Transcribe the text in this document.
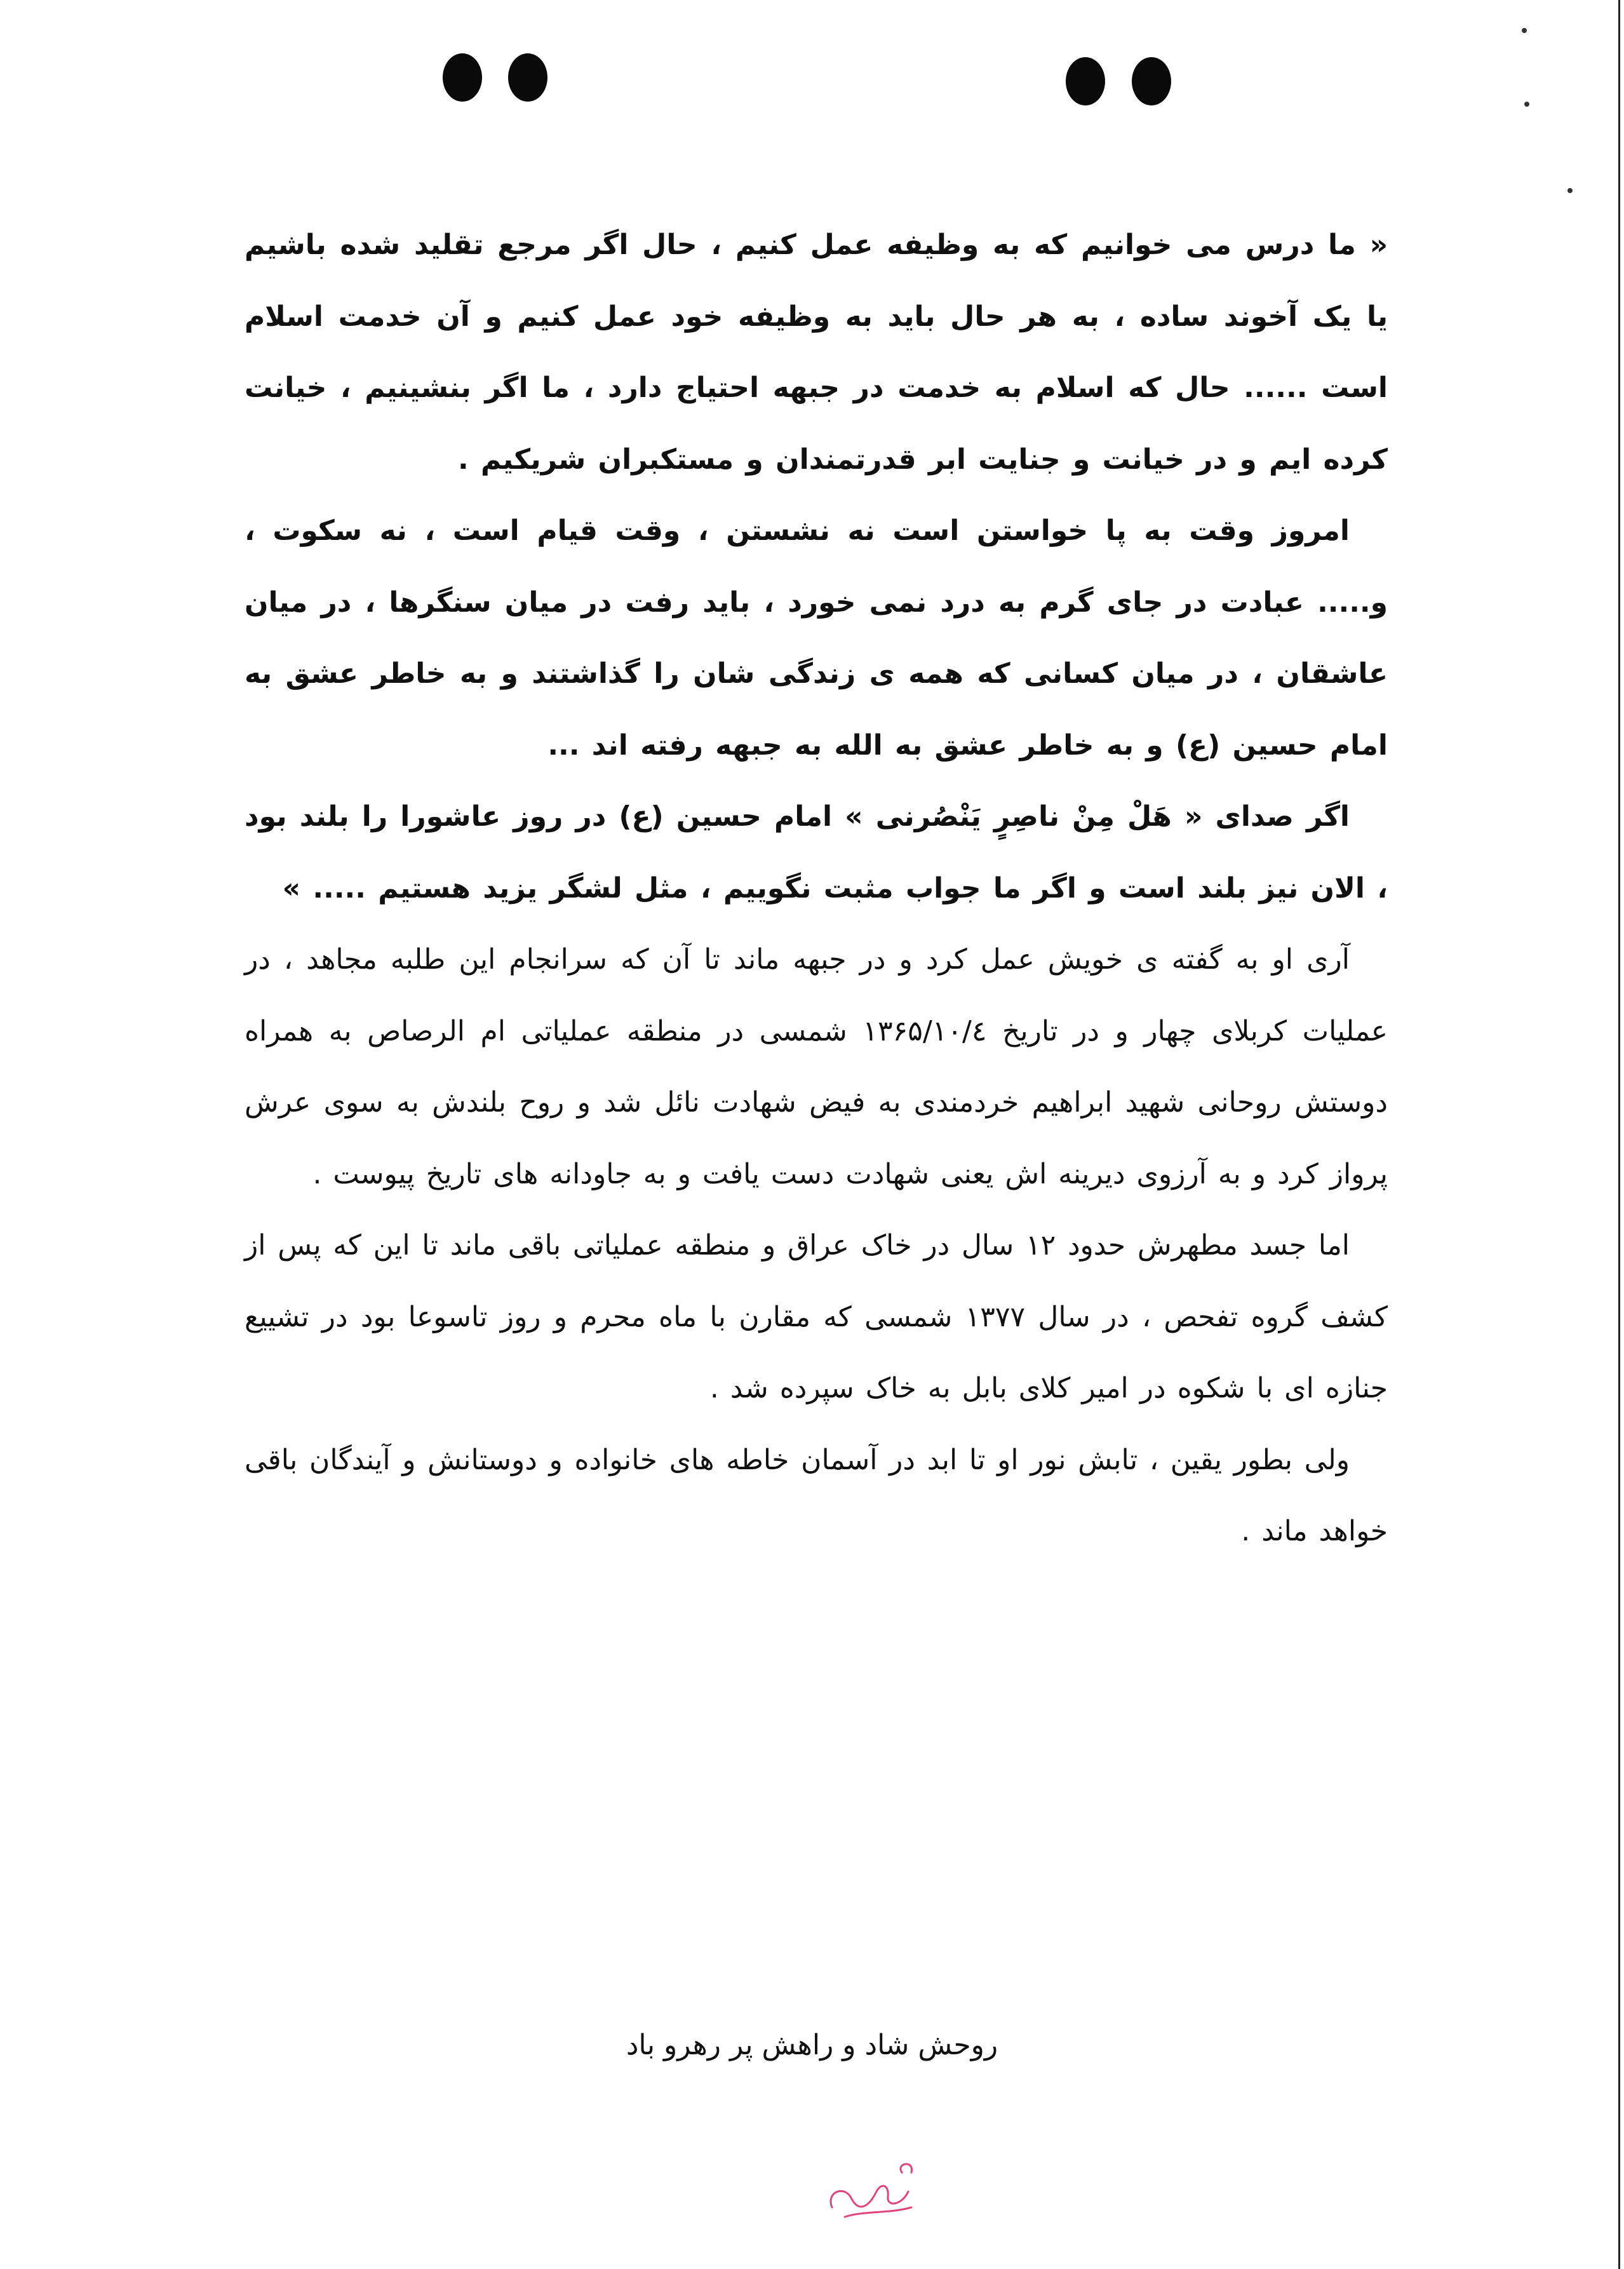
« ما درس می خوانیم که به وظیفه عمل کنیم ، حال اگر مرجع تقلید شده باشیم یا یک آخوند ساده ، به هر حال باید به وظیفه خود عمل کنیم و آن خدمت اسلام است ...... حال که اسلام به خدمت در جبهه احتیاج دارد ، ما اگر بنشینیم ، خیانت کرده ایم و در خیانت و جنایت ابر قدرتمندان و مستکبران شریکیم .

امروز وقت به پا خواستن است نه نشستن ، وقت قیام است ، نه سکوت ، و..... عبادت در جای گرم به درد نمی خورد ، باید رفت در میان سنگرها ، در میان عاشقان ، در میان کسانی که همه ی زندگی شان را گذاشتند و به خاطر عشق به امام حسین (ع) و به خاطر عشق به الله به جبهه رفته اند ...

اگر صدای « هَلْ مِنْ ناصِرٍ یَنْصُرنی » امام حسین (ع) در روز عاشورا را بلند بود ، الان نیز بلند است و اگر ما جواب مثبت نگوییم ، مثل لشگر یزید هستیم ..... »

آری او به گفته ی خویش عمل کرد و در جبهه ماند تا آن که سرانجام این طلبه مجاهد ، در عملیات کربلای چهار و در تاریخ ۱۳۶۵/۱۰/٤ شمسی در منطقه عملیاتی ام الرصاص به همراه دوستش روحانی شهید ابراهیم خردمندی به فیض شهادت نائل شد و روح بلندش به سوی عرش پرواز کرد و به آرزوی دیرینه اش یعنی شهادت دست یافت و به جاودانه های تاریخ پیوست .

اما جسد مطهرش حدود ۱۲ سال در خاک عراق و منطقه عملیاتی باقی ماند تا این که پس از کشف گروه تفحص ، در سال ۱۳۷۷ شمسی که مقارن با ماه محرم و روز تاسوعا بود در تشییع جنازه ای با شکوه در امیر کلای بابل به خاک سپرده شد .

ولی بطور یقین ، تابش نور او تا ابد در آسمان خاطه های خانواده و دوستانش و آیندگان باقی خواهد ماند .

روحش شاد و راهش پر رهرو باد
